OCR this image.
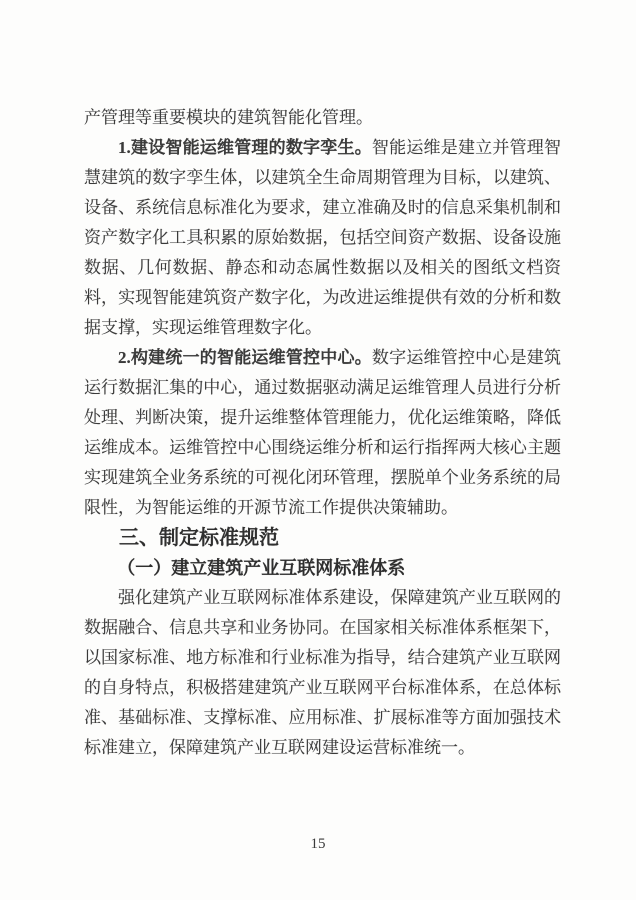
产管理等重要模块的建筑智能化管理。

1.建设智能运维管理的数字孪生。智能运维是建立并管理智慧建筑的数字孪生体，以建筑全生命周期管理为目标，以建筑、设备、系统信息标准化为要求，建立准确及时的信息采集机制和资产数字化工具积累的原始数据，包括空间资产数据、设备设施数据、几何数据、静态和动态属性数据以及相关的图纸文档资料，实现智能建筑资产数字化，为改进运维提供有效的分析和数据支撑，实现运维管理数字化。

2.构建统一的智能运维管控中心。数字运维管控中心是建筑运行数据汇集的中心，通过数据驱动满足运维管理人员进行分析处理、判断决策，提升运维整体管理能力，优化运维策略，降低运维成本。运维管控中心围绕运维分析和运行指挥两大核心主题实现建筑全业务系统的可视化闭环管理，摆脱单个业务系统的局限性，为智能运维的开源节流工作提供决策辅助。

三、制定标准规范
（一）建立建筑产业互联网标准体系

强化建筑产业互联网标准体系建设，保障建筑产业互联网的数据融合、信息共享和业务协同。在国家相关标准体系框架下，以国家标准、地方标准和行业标准为指导，结合建筑产业互联网的自身特点，积极搭建建筑产业互联网平台标准体系，在总体标准、基础标准、支撑标准、应用标准、扩展标准等方面加强技术标准建立，保障建筑产业互联网建设运营标准统一。

15
